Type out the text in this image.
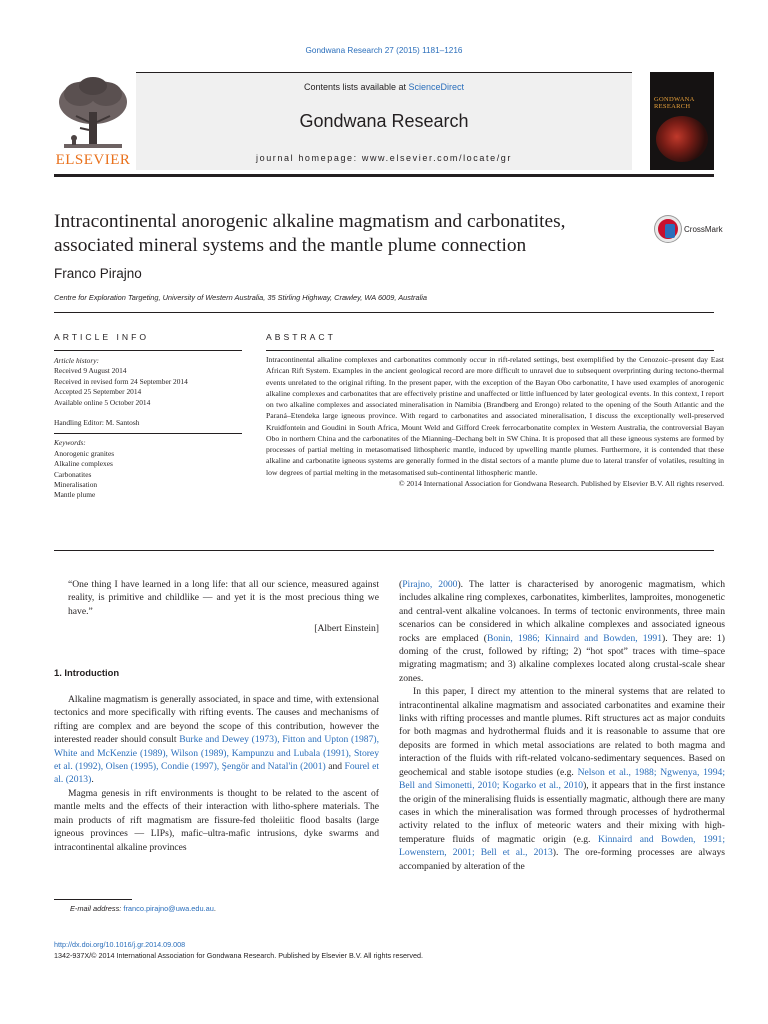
Gondwana Research 27 (2015) 1181–1216
ELSEVIER
Contents lists available at ScienceDirect
Gondwana Research
journal homepage: www.elsevier.com/locate/gr
GONDWANA RESEARCH
Intracontinental anorogenic alkaline magmatism and carbonatites, associated mineral systems and the mantle plume connection
CrossMark
Franco Pirajno
Centre for Exploration Targeting, University of Western Australia, 35 Stirling Highway, Crawley, WA 6009, Australia
ARTICLE INFO	ABSTRACT
Article history:
Received 9 August 2014
Received in revised form 24 September 2014
Accepted 25 September 2014
Available online 5 October 2014
Handling Editor: M. Santosh
Keywords:
Anorogenic granites
Alkaline complexes
Carbonatites
Mineralisation
Mantle plume
Intracontinental alkaline complexes and carbonatites commonly occur in rift-related settings, best exemplified by the Cenozoic–present day East African Rift System. Examples in the ancient geological record are more difficult to unravel due to subsequent overprinting during tectono-thermal events unrelated to the original rifting. In the present paper, with the exception of the Bayan Obo carbonatite, I have used examples of anorogenic alkaline complexes and carbonatites that are effectively pristine and unaffected or little influenced by later geological events. In this context, I report on two alkaline complexes and associated mineralisation in Namibia (Brandberg and Erongo) related to the opening of the South Atlantic and the Paraná–Etendeka large igneous province. With regard to carbonatites and associated mineralisation, I discuss the exceptionally well-preserved Kruidfontein and Goudini in South Africa, Mount Weld and Gifford Creek ferrocarbonatite complex in Western Australia, the controversial Bayan Obo in northern China and the carbonatites of the Mianning–Dechang belt in SW China. It is proposed that all these igneous systems are formed by processes of partial melting in metasomatised lithospheric mantle, induced by upwelling mantle plumes. Furthermore, it is contended that these alkaline and carbonatite igneous systems are generally formed in the distal sectors of a mantle plume due to lateral transfer of volatiles, resulting in low degrees of partial melting in the metasomatised sub-continental lithospheric mantle.
© 2014 International Association for Gondwana Research. Published by Elsevier B.V. All rights reserved.
“One thing I have learned in a long life: that all our science, measured against reality, is primitive and childlike — and yet it is the most precious thing we have.”
[Albert Einstein]
1. Introduction

Alkaline magmatism is generally associated, in space and time, with extensional tectonics and more specifically with rifting events. The causes and mechanisms of rifting are complex and are beyond the scope of this contribution, however the interested reader should consult Burke and Dewey (1973), Fitton and Upton (1987), White and McKenzie (1989), Wilson (1989), Kampunzu and Lubala (1991), Storey et al. (1992), Olsen (1995), Condie (1997), Şengör and Natal'in (2001) and Fourel et al. (2013).

Magma genesis in rift environments is thought to be related to the ascent of mantle melts and the effects of their interaction with litho-sphere materials. The main products of rift magmatism are fissure-fed tholeiitic flood basalts (large igneous provinces — LIPs), mafic–ultra-mafic intrusions, dyke swarms and intracontinental alkaline provinces

(Pirajno, 2000). The latter is characterised by anorogenic magmatism, which includes alkaline ring complexes, carbonatites, kimberlites, lamproites, monogenetic and central-vent alkaline volcanoes. In terms of tectonic environments, three main scenarios can be considered in which alkaline complexes and associated igneous rocks are emplaced (Bonin, 1986; Kinnaird and Bowden, 1991). They are: 1) doming of the crust, followed by rifting; 2) “hot spot” traces with time–space migrating magmatism; and 3) alkaline complexes located along crustal-scale shear zones.

In this paper, I direct my attention to the mineral systems that are related to intracontinental alkaline magmatism and associated carbonatites and examine their links with rifting processes and mantle plumes. Rift structures act as major conduits for both magmas and hydrothermal fluids and it is reasonable to assume that ore deposits are formed in which metal associations are related to both magma and interaction of the fluids with rift-related volcano-sedimentary sequences. Based on geochemical and stable isotope studies (e.g. Nelson et al., 1988; Ngwenya, 1994; Bell and Simonetti, 2010; Kogarko et al., 2010), it appears that in the first instance the origin of the mineralising fluids is essentially magmatic, although there are many cases in which the mineralisation was formed through processes of hydrothermal activity related to the influx of meteoric waters and their mixing with high-temperature fluids of magmatic origin (e.g. Kinnaird and Bowden, 1991; Lowenstern, 2001; Bell et al., 2013). The ore-forming processes are always accompanied by alteration of the

E-mail address: franco.pirajno@uwa.edu.au.
http://dx.doi.org/10.1016/j.gr.2014.09.008
1342-937X/© 2014 International Association for Gondwana Research. Published by Elsevier B.V. All rights reserved.
